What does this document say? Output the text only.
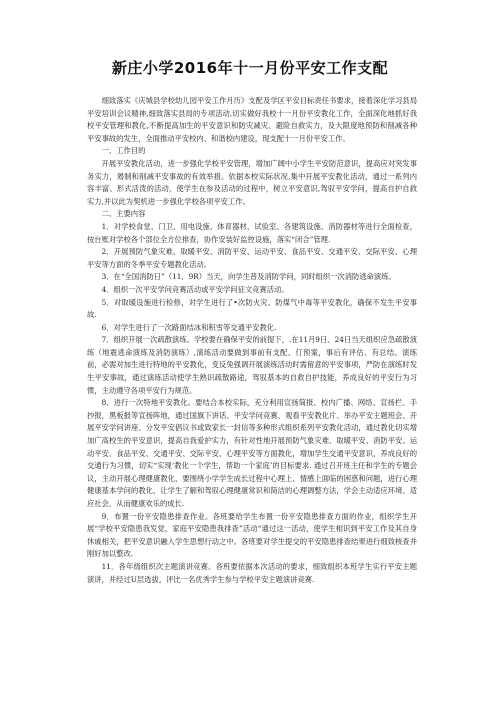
新庄小学2016年十一月份平安工作支配

细致落实《庆城县学校幼儿园平安工作月历》支配及学区平安目标责任书要求，接着深化学习县局平安培训会议精神,细致落实县局的专项活动,切实做好我校十一月份平安教化工作，全面深化地抓好我校平安管理和教化,不断提高加生的平安意识和防灾减灾、避险自救实力，及大限度地预防和削减各种平安事故的发生，全面推动平安校内、和谐校内建设，现支配十一月份平安工作。

一、工作目的

开展平安教化活动，进一步强化学校平安管理，增加广阔中小学生平安防范意识，提高应对突发事务实力，遏制和削减平安事故的有效举措。依据本校实际状况,集中开展平安教化活动，通过一系列内容丰富、形式活泼的活动，使学生在参及活动的过程中，树立平安意识,驾驭平安学问，提高自护自救实力,并以此为契机进一步强化学校各项平安工作。

二、主要内容

1．对学校食堂、门卫、用电设施、体育器材、试验室、各建筑设施、消防器材等进行全面检查，按台账对学校各个部位全方位排查，协作安装好监控设施，落实“闭合”管理.

2．开展预防气象灾难、取暖平安、消防平安、运动平安、食品平安、交通平安、交际平安、心理平安等方面的冬季平安专题教化活动。

3．在“全国消防日”（11．9R）当天，向学生普及消防学问，同时组织一次消防逃命演练。

4．组织一次平安学问竞赛活动或平安学问征文竞赛活动。

5．对取暖设施进行检修，对学生进行了•次防火灾、防煤气中毒等平安教化，确保不发生平安事故.

6．对学生进行了一次路面结冰和积雪等交通平安教化.

7．组织开展一次疏散演练。学校要在确保平安的前提下，.在11月9日、24日当天组织应急疏散演练（地震逃命演练及消防演练）,演练活动要做到事前有支配、仃预案，事后有评估、有总结。演练前，必需对加生进行特地的平安教化，变反兔强调开展演练活动时需留意的平安事项，严防在演练时发生平安事故，通过演练活动使学生熟识疏散路途，驾驭基本的自救自护技能，养成良好的平安行为习惯，主动遵守各项平安行为规范。

8．进行一次特地平安教化。要结合本校实际，充分利用宣扬简报、校内广播、网络、宣扬栏、手抄报，黑板报等宣扬阵地，通过国旗下讲话、平安学问竞赛、观看平安教化片、举办平安主题班会、开展平安学问讲座、分发平安倡议书或致家长一封信等多种形式组织系列平安教化活动，通过教化切实增加广高校生的平安意识，提高自我爱护实力，有针对性地开展预防气象灾难、取暖平安、消防平安、运动平安、食品平安、交通平安、交际平安、心理平安等方面教化，增加学生交通平安意识，养成良好的交通行为习惯，切实“实现‘教化一个学生，帮助一个家庭’的目标要求. 通过召开班主任和学生的专题会议，主动开展心理健康教化，要围绕小学学生成长过程中心理上、情感上面临的困惑和问题，进行心理健康基本学问的教化，让学生了解和驾驭心理健康常识和简洁的心理调整方法，学会主动适应环境、适应社会，从而健康欢乐的成长.

9．布置一份平安隐患排查作业。各班要给学生布置一份平安隐患排查方面的作业，组织学生开展“学校平安隐患我发觉，家庭平安隐患我排查”活动“通过这一活动，使学生相识到平安工作及其自身休戚相关，把平安意识融入学生思想行动之中。各班要对学生提交的平安隐患排查结果进行细致核查并刚好加以整改.

11．各年级组织次主题演讲竞赛。各班要依据本次活动的要求，细致组织本班学生实行平安主题演讲，并经过U层选拔，评比一名优秀学生参与学校平安主题演讲竞赛.
